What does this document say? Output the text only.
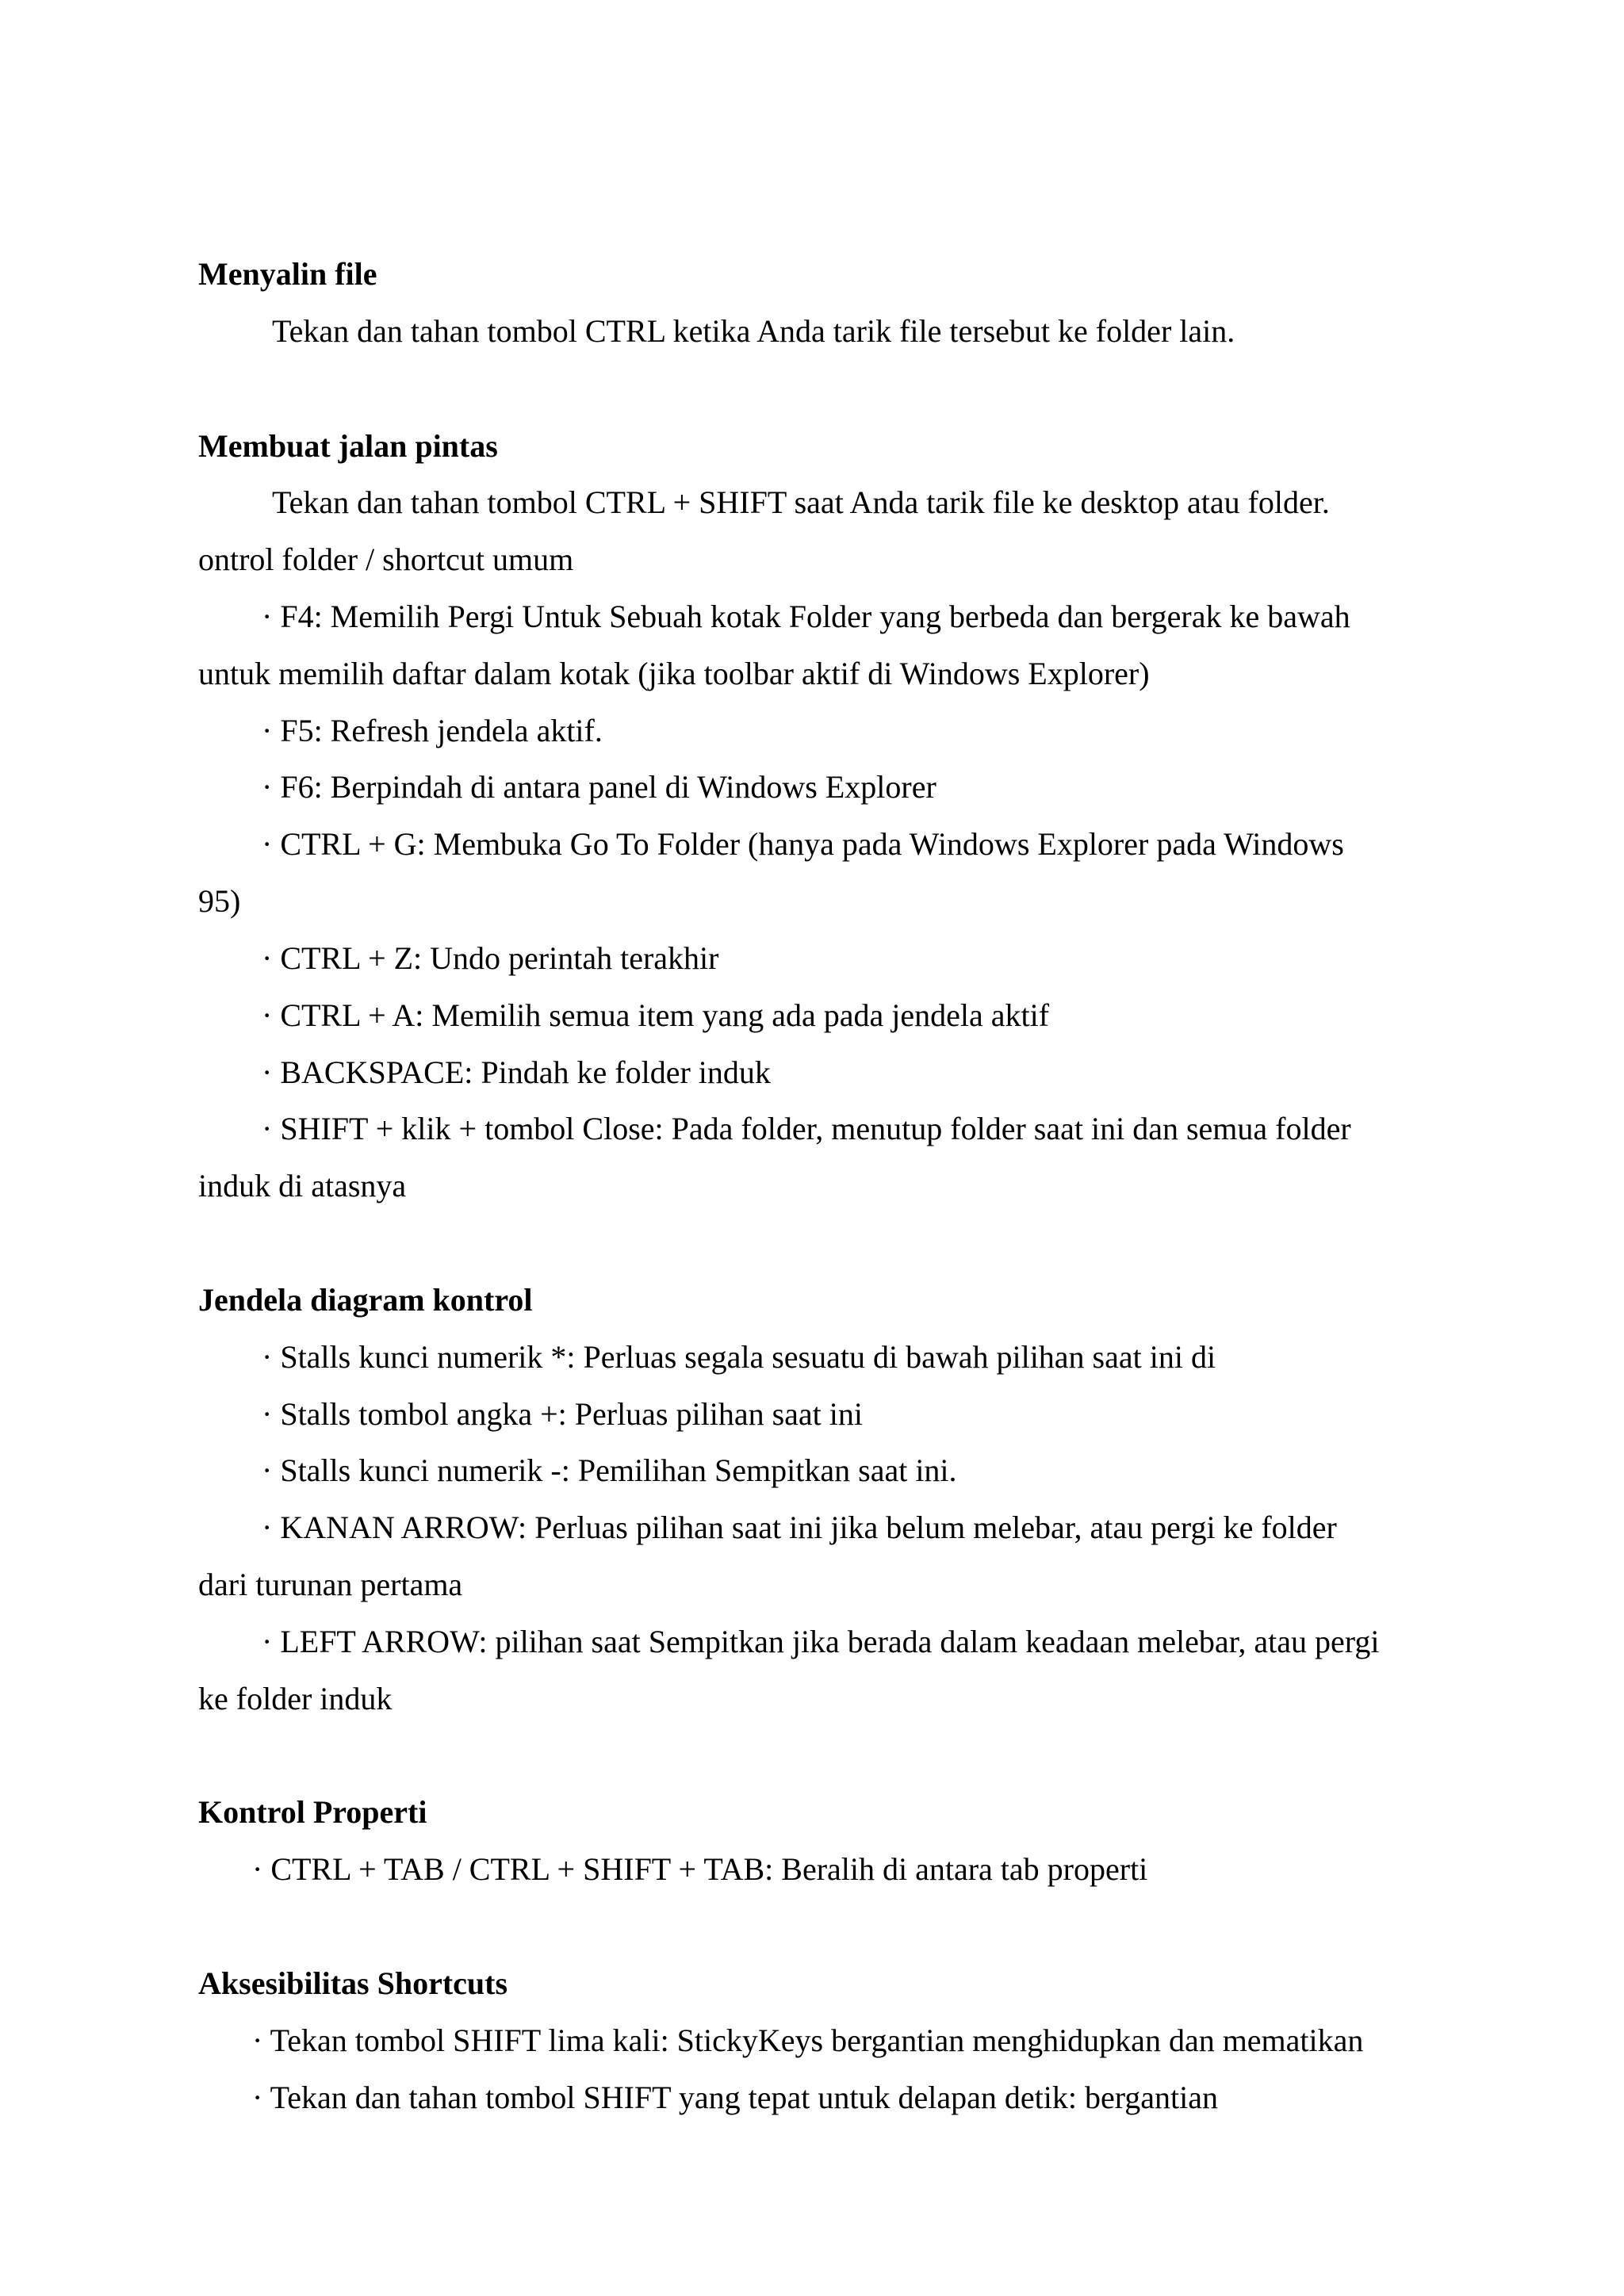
Menyalin file
Tekan dan tahan tombol CTRL ketika Anda tarik file tersebut ke folder lain.
Membuat jalan pintas
Tekan dan tahan tombol CTRL + SHIFT saat Anda tarik file ke desktop atau folder.
ontrol folder / shortcut umum
· F4: Memilih Pergi Untuk Sebuah kotak Folder yang berbeda dan bergerak ke bawah
untuk memilih daftar dalam kotak (jika toolbar aktif di Windows Explorer)
· F5: Refresh jendela aktif.
· F6: Berpindah di antara panel di Windows Explorer
· CTRL + G: Membuka Go To Folder (hanya pada Windows Explorer pada Windows
95)
· CTRL + Z: Undo perintah terakhir
· CTRL + A: Memilih semua item yang ada pada jendela aktif
· BACKSPACE: Pindah ke folder induk
· SHIFT + klik + tombol Close: Pada folder, menutup folder saat ini dan semua folder
induk di atasnya
Jendela diagram kontrol
· Stalls kunci numerik *: Perluas segala sesuatu di bawah pilihan saat ini di
· Stalls tombol angka +: Perluas pilihan saat ini
· Stalls kunci numerik -: Pemilihan Sempitkan saat ini.
· KANAN ARROW: Perluas pilihan saat ini jika belum melebar, atau pergi ke folder
dari turunan pertama
· LEFT ARROW: pilihan saat Sempitkan jika berada dalam keadaan melebar, atau pergi
ke folder induk
Kontrol Properti
· CTRL + TAB / CTRL + SHIFT + TAB: Beralih di antara tab properti
Aksesibilitas Shortcuts
· Tekan tombol SHIFT lima kali: StickyKeys bergantian menghidupkan dan mematikan
· Tekan dan tahan tombol SHIFT yang tepat untuk delapan detik: bergantian
